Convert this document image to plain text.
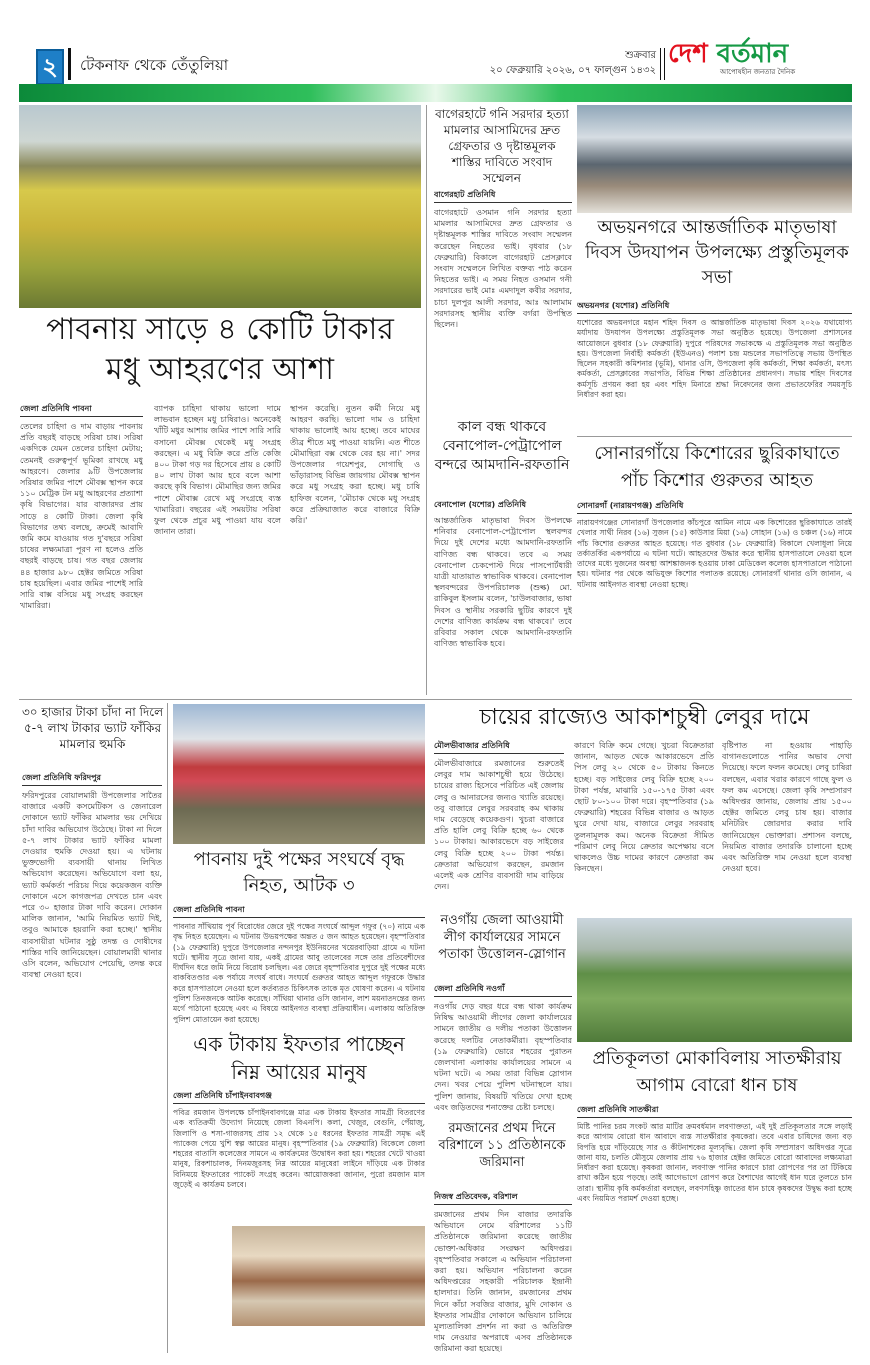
২	টেকনাফ থেকে তেঁতুলিয়া
শুক্রবার
২০ ফেব্রুয়ারি ২০২৬, ০৭ ফাল্গুন ১৪৩২
দেশ বর্তমান
আপোষহীন জনতার দৈনিক
পাবনায় সাড়ে ৪ কোটি টাকার
মধু আহরণের আশা
জেলা প্রতিনিধি পাবনা
তেলের চাহিদা ও দাম বাড়ায় পাবনায় প্রতি বছরই বাড়ছে সরিষা চাষ। সরিষা একদিকে যেমন তেলের চাহিদা মেটায়; তেমনই গুরুত্বপূর্ণ ভূমিকা রাখছে মধু আহরণে। জেলার ৯টি উপজেলায় সরিষার জমির পাশে মৌবক্স স্থাপন করে ১১০ মেট্রিক টন মধু আহরণের প্রত্যাশা কৃষি বিভাগের। যার বাজারদর প্রায় সাড়ে ৪ কোটি টাকা। জেলা কৃষি বিভাগের তথ্য বলছে, ক্রমেই আবাদি জমি কমে যাওয়ায় গত দু'বছরে সরিষা চাষের লক্ষ্যমাত্রা পূরণ না হলেও প্রতি বছরই বাড়ছে চাষ। গত বছর জেলায় ৪৪ হাজার ৯৮০ হেক্টর জমিতে সরিষা চাষ হয়েছিল। এবার জমির পাশেই সারি সারি বাক্স বসিয়ে মধু সংগ্রহ করছেন খামারিরা।
ব্যাপক চাহিদা থাকায় ভালো দামে লাভবান হচ্ছেন মধু চাষিরাও। অনেকেই খাঁটি মধুর আশায় জমির পাশে সারি সারি বসানো মৌবক্স থেকেই মধু সংগ্রহ করছেন। এ মধু বিক্রি করে প্রতি কেজি ৪০০ টাকা গড় দর হিসেবে প্রায় ৪ কোটি ৪০ লাখ টাকা আয় হবে বলে আশা করছে কৃষি বিভাগ। মৌমাছির জন্য জমির পাশে মৌবাক্স রেখে মধু সংগ্রহে ব্যস্ত খামারিরা। বছরের এই সময়টায় সরিষা ফুল থেকে প্রচুর মধু পাওয়া যায় বলে জানান তারা।
স্থাপন করেছি। নুতন কর্মী নিয়ে মধু আহরণ করছি। ভালো দাম ও চাহিদা থাকায় ভালোই আয় হচ্ছে। তবে মাঘের তীব্র শীতে মধু পাওয়া যায়নি। এত শীতে মৌমাছিরা বক্স থেকে বের হয় না।' সদর উপজেলার গয়েশপুর, দোগাছি ও ভাঁড়ারাসহ বিভিন্ন জায়গায় মৌবক্স স্থাপন করে মধু সংগ্রহ করা হচ্ছে। মধু চাষি হাফিজ বলেন, 'মৌচাক থেকে মধু সংগ্রহ করে প্রক্রিয়াজাত করে বাজারে বিক্রি করি।'
বাগেরহাটে গনি সরদার হত্যা মামলার আসামিদের দ্রুত গ্রেফতার ও দৃষ্টান্তমূলক শাস্তির দাবিতে সংবাদ সম্মেলন
বাগেরহাট প্রতিনিধি
বাগেরহাটে ওসমান গনি সরদার হত্যা মামলার আসামিদের দ্রুত গ্রেফতার ও দৃষ্টান্তমূলক শাস্তির দাবিতে সংবাদ সম্মেলন করেছেন নিহতের ভাই। বৃধবার (১৮ ফেব্রুয়ারি) বিকালে বাগেরহাট প্রেসক্লাবে সংবাদ সম্মেলনে লিখিত বক্তব্য পাঠ করেন নিহতের ভাই। এ সময় নিহত ওসমান গনী সরদারের ভাই মোঃ এমদাদুল কবীর সরদার, চাচা দুলপুর আলী সরদার, আঃ আলামাম সরদারসহ স্থানীয় ব্যক্তি বর্গরা উপস্থিত ছিলেন।
কাল বন্ধ থাকবে বেনাপোল-পেট্রাপোল বন্দরে আমদানি-রফতানি
বেনাপোল (যশোর) প্রতিনিধি
আন্তর্জাতিক মাতৃভাষা দিবস উপলক্ষে শনিবার বেনাপোল-পেট্রাপোল স্থলবন্দর দিয়ে দুই দেশের মধ্যে আমদানি-রফতানি বাণিজ্য বন্ধ থাকবে। তবে এ সময় বেনাপোল চেকপোস্ট দিয়ে পাসপোর্টধারী যাত্রী যাতায়াত স্বাভাবিক থাকবে। বেনাপোল স্থলবন্দরের উপপরিচালক (শুল্ক) মো. রাকিবুল ইসলাম বলেন, 'চাউলবাজার, ভাষা দিবস ও স্থানীয় সরকারি ছুটির কারণে দুই দেশের বাণিজ্য কার্যক্রম বন্ধ থাকবে।' তবে রবিবার সকাল থেকে আমদানি-রফতানি বাণিজ্য স্বাভাবিক হবে।
অভয়নগরে আন্তর্জাতিক মাতৃভাষা দিবস উদযাপন উপলক্ষ্যে প্রস্তুতিমূলক সভা
অভয়নগর (যশোর) প্রতিনিধি
যশোরের অভয়নগরে মহান শহিদ দিবস ও আন্তর্জাতিক মাতৃভাষা দিবস ২০২৬ যথাযোগ্য মর্যাদায় উদযাপন উপলক্ষ্যে প্রস্তুতিমূলক সভা অনুষ্ঠিত হয়েছে। উপজেলা প্রশাসনের আয়োজনে বুধবার (১৮ ফেব্রুয়ারি) দুপুরে পরিষদের সভাকক্ষে এ প্রস্তুতিমূলক সভা অনুষ্ঠিত হয়। উপজেলা নির্বাহী কর্মকর্তা (ইউএনও) পলাশ চন্দ্র মন্ডলের সভাপতিত্বে সভায় উপস্থিত ছিলেন সহকারী কমিশনার (ভূমি), থানার ওসি, উপজেলা কৃষি কর্মকর্তা, শিক্ষা কর্মকর্তা, মৎস্য কর্মকর্তা, প্রেসক্লাবের সভাপতি, বিভিন্ন শিক্ষা প্রতিষ্ঠানের প্রধানগণ। সভায় শহিদ দিবসের কর্মসূচি প্রণয়ন করা হয় এবং শহিদ মিনারে শ্রদ্ধা নিবেদনের জন্য প্রভাতফেরির সময়সূচি নির্ধারণ করা হয়।
সোনারগাঁয়ে কিশোরের ছুরিকাঘাতে
পাঁচ কিশোর গুরুতর আহত
সোনারগাঁ (নারায়ণগঞ্জ) প্রতিনিধি
নারায়ণগঞ্জের সোনারগাঁ উপজেলার কাঁচপুরে আমিন নামে এক কিশোরের ছুরিকাঘাতে তারই খেলার সাথী নিরব (১৬) সুজন (১৫) কাউসার মিয়া (১৬) সোহান (১৬) ও চঞ্চল (১৬) নামে পাঁচ কিশোর গুরুতর আহত হয়েছে। গত বুধবার (১৮ ফেব্রুয়ারি) বিকালে খেলাধুলা নিয়ে তর্কাতর্কির একপর্যায়ে এ ঘটনা ঘটে। আহতদের উদ্ধার করে স্থানীয় হাসপাতালে নেওয়া হলে তাদের মধ্যে দুজনের অবস্থা আশঙ্কাজনক হওয়ায় ঢাকা মেডিকেল কলেজ হাসপাতালে পাঠানো হয়। ঘটনার পর থেকে অভিযুক্ত কিশোর পলাতক রয়েছে। সোনারগাঁ থানার ওসি জানান, এ ঘটনায় আইনগত ব্যবস্থা নেওয়া হচ্ছে।
৩০ হাজার টাকা চাঁদা না দিলে ৫-৭ লাখ টাকার ভ্যাট ফাঁকির মামলার হুমকি
জেলা প্রতিনিধি ফরিদপুর
ফরিদপুরের বোয়ালমারী উপজেলার সাতৈর বাজারে একটি কসমেটিকস ও জেনারেল দোকানে ভ্যাট ফাঁকির মামলার ভয় দেখিয়ে চাঁদা দাবির অভিযোগ উঠেছে। টাকা না দিলে ৫-৭ লাখ টাকার ভ্যাট ফাঁকির মামলা দেওয়ার হুমকি দেওয়া হয়। এ ঘটনায় ভুক্তভোগী ব্যবসায়ী থানায় লিখিত অভিযোগ করেছেন। অভিযোগে বলা হয়, ভ্যাট কর্মকর্তা পরিচয় দিয়ে কয়েকজন ব্যক্তি দোকানে এসে কাগজপত্র দেখতে চান এবং পরে ৩০ হাজার টাকা দাবি করেন। দোকান মালিক জানান, 'আমি নিয়মিত ভ্যাট দিই, তবুও আমাকে হয়রানি করা হচ্ছে।' স্থানীয় ব্যবসায়ীরা ঘটনার সুষ্ঠু তদন্ত ও দোষীদের শাস্তির দাবি জানিয়েছেন। বোয়ালমারী থানার ওসি বলেন, অভিযোগ পেয়েছি, তদন্ত করে ব্যবস্থা নেওয়া হবে।
পাবনায় দুই পক্ষের সংঘর্ষে বৃদ্ধ
নিহত, আটক ৩
জেলা প্রতিনিধি পাবনা
পাবনার সাঁথিয়ায় পূর্ব বিরোধের জেরে দুই পক্ষের সংঘর্ষে আব্দুল গফুর (৭০) নামে এক বৃদ্ধ নিহত হয়েছেন। এ ঘটনায় উভয়পক্ষের অন্তত ৫ জন আহত হয়েছেন। বৃহস্পতিবার (১৯ ফেব্রুয়ারি) দুপুরে উপজেলার নন্দনপুর ইউনিয়নের খয়েরবাড়িয়া গ্রামে এ ঘটনা ঘটে। স্থানীয় সূত্রে জানা যায়, একই গ্রামের আবু তালেবের সঙ্গে তার প্রতিবেশীদের দীর্ঘদিন ধরে জমি নিয়ে বিরোধ চলছিল। এর জেরে বৃহস্পতিবার দুপুরে দুই পক্ষের মধ্যে বাকবিতণ্ডার এক পর্যায়ে সংঘর্ষ বাধে। সংঘর্ষে গুরুতর আহত আব্দুল গফুরকে উদ্ধার করে হাসপাতালে নেওয়া হলে কর্তব্যরত চিকিৎসক তাকে মৃত ঘোষণা করেন। এ ঘটনায় পুলিশ তিনজনকে আটক করেছে। সাঁথিয়া থানার ওসি জানান, লাশ ময়নাতদন্তের জন্য মর্গে পাঠানো হয়েছে এবং এ বিষয়ে আইনগত ব্যবস্থা প্রক্রিয়াধীন। এলাকায় অতিরিক্ত পুলিশ মোতায়েন করা হয়েছে।
চায়ের রাজ্যেও আকাশচুম্বী লেবুর দামে
মৌলভীবাজার প্রতিনিধি
মৌলভীবাজারে রমজানের শুরুতেই লেবুর দাম আকাশচুম্বী হয়ে উঠেছে। চায়ের রাজ্য হিসেবে পরিচিত এই জেলায় লেবু ও আনারসের জন্যও খ্যাতি রয়েছে। তবু বাজারে লেবুর সরবরাহ কম থাকায় দাম বেড়েছে কয়েকগুণ। খুচরা বাজারে প্রতি হালি লেবু বিক্রি হচ্ছে ৬০ থেকে ১০০ টাকায়। আকারভেদে বড় সাইজের লেবু বিক্রি হচ্ছে ২০০ টাকা পর্যন্ত। ক্রেতারা অভিযোগ করছেন, রমজান এলেই এক শ্রেণির ব্যবসায়ী দাম বাড়িয়ে দেন।
কারণে বিক্রি কমে গেছে। খুচরা বিক্রেতারা জানান, আড়ত থেকে আকারভেদে প্রতি পিস লেবু ২০ থেকে ৫০ টাকায় কিনতে হচ্ছে। বড় সাইজের লেবু বিক্রি হচ্ছে ২০০ টাকা পর্যন্ত, মাঝারি ১৫০-১৭৫ টাকা এবং ছোট ৮০-১০০ টাকা দরে। বৃহস্পতিবার (১৯ ফেব্রুয়ারি) শহরের বিভিন্ন বাজার ও আড়ত ঘুরে দেখা যায়, বাজারে লেবুর সরবরাহ তুলনামূলক কম। অনেক বিক্রেতা সীমিত পরিমাণ লেবু নিয়ে ক্রেতার অপেক্ষায় বসে থাকলেও উচ্চ দামের কারণে ক্রেতারা কম কিনছেন।
বৃষ্টিপাত না হওয়ায় পাহাড়ি বাগানগুলোতে পানির অভাব দেখা দিয়েছে। ফলে ফলন কমেছে। লেবু চাষিরা বলছেন, এবার খরার কারণে গাছে ফুল ও ফল কম এসেছে। জেলা কৃষি সম্প্রসারণ অধিদপ্তর জানায়, জেলায় প্রায় ১৫০০ হেক্টর জমিতে লেবু চাষ হয়। বাজার মনিটরিং জোরদার করার দাবি জানিয়েছেন ভোক্তারা। প্রশাসন বলছে, নিয়মিত বাজার তদারকি চালানো হচ্ছে এবং অতিরিক্ত দাম নেওয়া হলে ব্যবস্থা নেওয়া হবে।
নওগাঁয় জেলা আওয়ামী লীগ কার্যালয়ের সামনে পতাকা উত্তোলন-স্লোগান
জেলা প্রতিনিধি নওগাঁ
নওগাঁয় দেড় বছর ধরে বন্ধ থাকা কার্যক্রম নিষিদ্ধ আওয়ামী লীগের জেলা কার্যালয়ের সামনে জাতীয় ও দলীয় পতাকা উত্তোলন করেছে দলটির নেতাকর্মীরা। বৃহস্পতিবার (১৯ ফেব্রুয়ারি) ভোরে শহরের পুরাতন জেলখানা এলাকায় কার্যালয়ের সামনে এ ঘটনা ঘটে। এ সময় তারা বিভিন্ন স্লোগান দেন। খবর পেয়ে পুলিশ ঘটনাস্থলে যায়। পুলিশ জানায়, বিষয়টি খতিয়ে দেখা হচ্ছে এবং জড়িতদের শনাক্তের চেষ্টা চলছে।
রমজানের প্রথম দিনে বরিশালে ১১ প্রতিষ্ঠানকে জরিমানা
নিজস্ব প্রতিবেদক, বরিশাল
রমজানের প্রথম দিন বাজার তদারকি অভিযানে নেমে বরিশালের ১১টি প্রতিষ্ঠানকে জরিমানা করেছে জাতীয় ভোক্তা-অধিকার সংরক্ষণ অধিদপ্তর। বৃহস্পতিবার সকালে এ অভিযান পরিচালনা করা হয়। অভিযান পরিচালনা করেন অধিদপ্তরের সহকারী পরিচালক ইন্দ্রানী হালদার। তিনি জানান, রমজানের প্রথম দিনে কাঁচা সবজির বাজার, মুদি দোকান ও ইফতার সামগ্রীর দোকানে অভিযান চালিয়ে মূল্যতালিকা প্রদর্শন না করা ও অতিরিক্ত দাম নেওয়ার অপরাধে এসব প্রতিষ্ঠানকে জরিমানা করা হয়েছে।
এক টাকায় ইফতার পাচ্ছেন
নিম্ন আয়ের মানুষ
জেলা প্রতিনিধি চাঁপাইনবাবগঞ্জ
পবিত্র রমজান উপলক্ষে চাঁপাইনবাবগঞ্জে মাত্র এক টাকায় ইফতার সামগ্রী বিতরণের এক ব্যতিক্রমী উদ্যোগ নিয়েছে জেলা বিএনপি। কলা, খেজুর, বেগুনি, পেঁয়াজু, জিলাপি ও শসা-গাজরসহ প্রায় ১২ থেকে ১৫ ধরনের ইফতার সামগ্রী সমৃদ্ধ এই প্যাকেজ পেয়ে খুশি স্বল্প আয়ের মানুষ। বৃহস্পতিবার (১৯ ফেব্রুয়ারি) বিকেলে জেলা শহরের বাতাসি কলেজের সামনে এ কার্যক্রমের উদ্বোধন করা হয়। শহরের খেটে খাওয়া মানুষ, রিকশাচালক, দিনমজুরসহ নিম্ন আয়ের মানুষেরা লাইনে দাঁড়িয়ে এক টাকার বিনিময়ে ইফতারের প্যাকেট সংগ্রহ করেন। আয়োজকরা জানান, পুরো রমজান মাস জুড়েই এ কার্যক্রম চলবে।
প্রতিকূলতা মোকাবিলায় সাতক্ষীরায়
আগাম বোরো ধান চাষ
জেলা প্রতিনিধি সাতক্ষীরা
মিষ্টি পানির চরম সংকট আর মাটির ক্রমবর্ধমান লবণাক্ততা, এই দুই প্রতিকূলতার সঙ্গে লড়াই করে আগাম বোরো ধান আবাদে ব্যস্ত সাতক্ষীরার কৃষকেরা। তবে এবার চাষিদের জন্য বড় বিপত্তি হয়ে দাঁড়িয়েছে সার ও কীটনাশকের মূল্যবৃদ্ধি। জেলা কৃষি সম্প্রসারণ অধিদপ্তর সূত্রে জানা যায়, চলতি মৌসুমে জেলায় প্রায় ৭৬ হাজার হেক্টর জমিতে বোরো আবাদের লক্ষ্যমাত্রা নির্ধারণ করা হয়েছে। কৃষকরা জানান, লবণাক্ত পানির কারণে চারা রোপণের পর তা টিকিয়ে রাখা কঠিন হয়ে পড়ছে। তাই আগেভাগে রোপণ করে বৈশাখের আগেই ধান ঘরে তুলতে চান তারা। স্থানীয় কৃষি কর্মকর্তারা বলছেন, লবণসহিষ্ণু জাতের ধান চাষে কৃষকদের উদ্বুদ্ধ করা হচ্ছে এবং নিয়মিত পরামর্শ দেওয়া হচ্ছে।
